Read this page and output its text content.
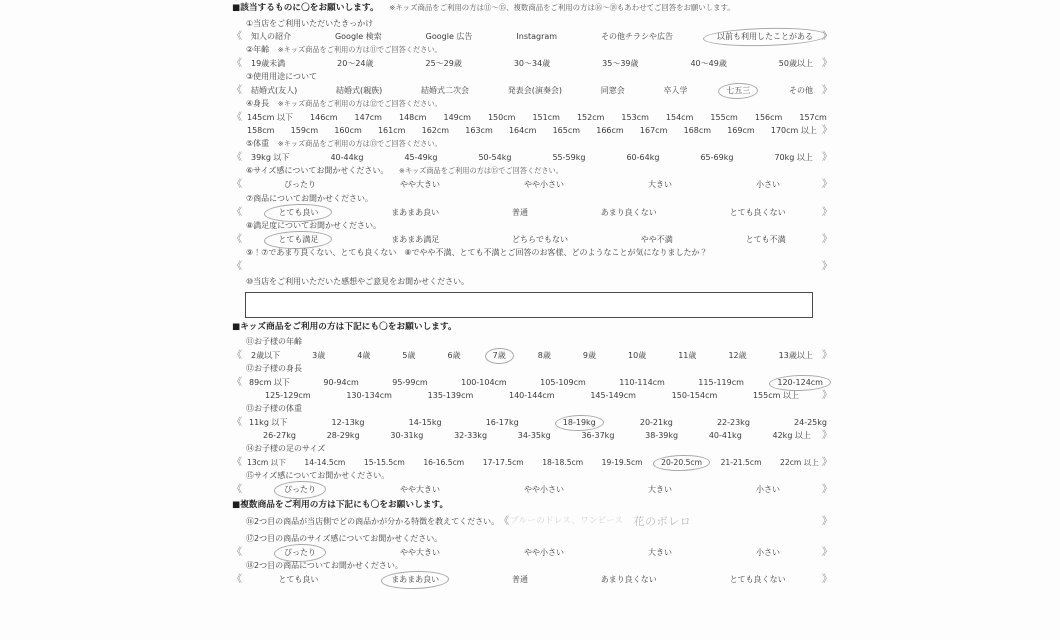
■該当するものに〇をお願いします。 ※キッズ商品をご利用の方は⑪〜⑮、複数商品をご利用の方は⑯〜⑱もあわせてご回答をお願いします。
①当店をご利用いただいたきっかけ
《	知人の紹介	Google 検索	Google 広告	Instagram	その他チラシや広告	以前も利用したことがある 》
②年齢 ※キッズ商品をご利用の方は⑪でご回答ください。
《	19歳未満	20〜24歳	25〜29歳	30〜34歳	35〜39歳	40〜49歳	50歳以上 》
③使用用途について
《	結婚式(友人)	結婚式(親族)	結婚式二次会	発表会(演奏会)	同窓会	卒入学	七五三	その他 》
④身長 ※キッズ商品をご利用の方は⑫でご回答ください。
《 145cm 以下	146cm	147cm	148cm	149cm	150cm	151cm	152cm	153cm	154cm	155cm	156cm	157cm
158cm	159cm	160cm	161cm	162cm	163cm	164cm	165cm	166cm	167cm	168cm	169cm	170cm 以上 》
⑤体重 ※キッズ商品をご利用の方は⑬でご回答ください。
《	39kg 以下	40-44kg	45-49kg	50-54kg	55-59kg	60-64kg	65-69kg	70kg 以上 》
⑥サイズ感についてお聞かせください。 ※キッズ商品をご利用の方は⑮でご回答ください。
《	ぴったり	やや大きい	やや小さい	大きい	小さい	》
⑦商品についてお聞かせください。
《	とても良い	まあまあ良い	普通	あまり良くない	とても良くない	》
⑧満足度についてお聞かせください。
《	とても満足	まあまあ満足	どちらでもない	やや不満	とても不満	》
⑨！⑦であまり良くない、とても良くない　⑧でやや不満、とても不満とご回答のお客様、どのようなことが気になりましたか？
《	》
⑩当店をご利用いただいた感想やご意見をお聞かせください。
■キッズ商品をご利用の方は下記にも〇をお願いします。
⑪お子様の年齢
《	2歳以下	3歳	4歳	5歳	6歳	7歳	8歳	9歳	10歳	11歳	12歳	13歳以上 》
⑫お子様の身長
《 89cm 以下	90-94cm	95-99cm	100-104cm	105-109cm	110-114cm	115-119cm	120-124cm
125-129cm	130-134cm	135-139cm	140-144cm	145-149cm	150-154cm	155cm 以上	》
⑬お子様の体重
《 11kg 以下	12-13kg	14-15kg	16-17kg	18-19kg	20-21kg	22-23kg	24-25kg
26-27kg	28-29kg	30-31kg	32-33kg	34-35kg	36-37kg	38-39kg	40-41kg	42kg 以上	》
⑭お子様の足のサイズ
《 13cm 以下	14-14.5cm	15-15.5cm	16-16.5cm	17-17.5cm	18-18.5cm	19-19.5cm	20-20.5cm	21-21.5cm	22cm 以上 》
⑮サイズ感についてお聞かせください。
《	ぴったり	やや大きい	やや小さい	大きい	小さい	》
■複数商品をご利用の方は下記にも〇をお願いします。
⑯2つ目の商品が当店側でどの商品かが分かる特徴を教えてください。 《 ブルーのドレス、ワンピース 花のボレロ	》
⑰2つ目の商品のサイズ感についてお聞かせください。
《	ぴったり	やや大きい	やや小さい	大きい	小さい	》
⑱2つ目の商品についてお聞かせください。
《	とても良い	まあまあ良い	普通	あまり良くない	とても良くない	》
